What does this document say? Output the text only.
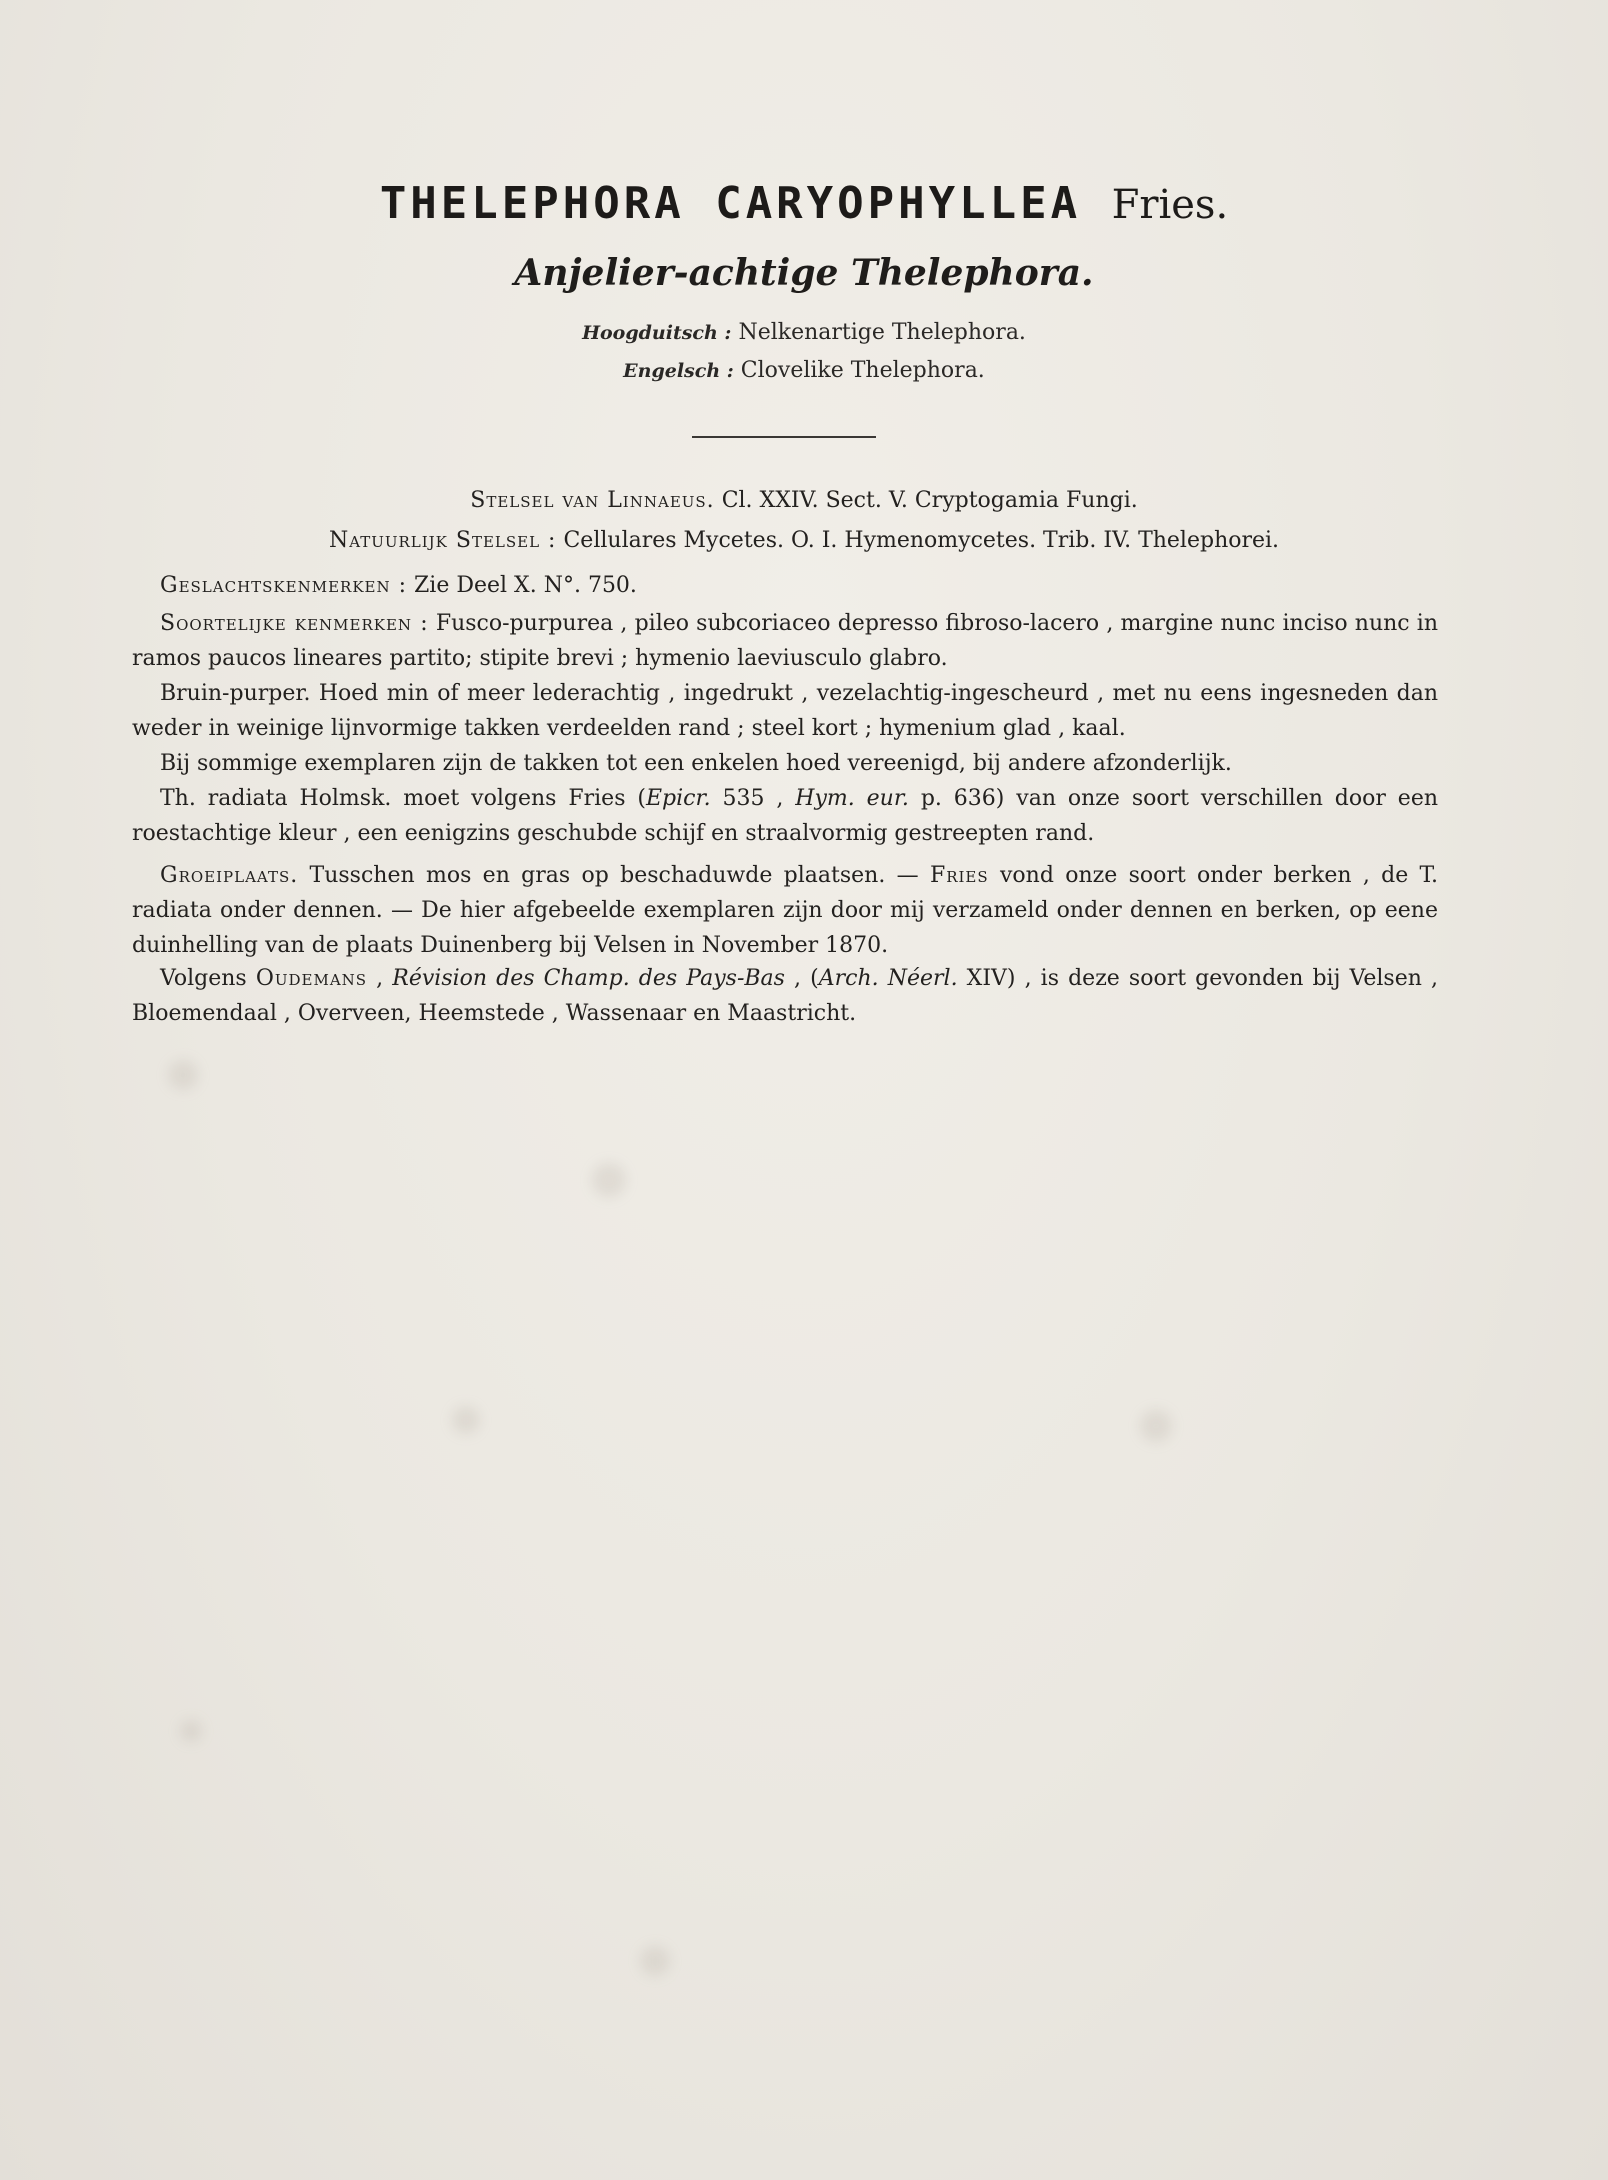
THELEPHORA CARYOPHYLLEA Fries.
Anjelier-achtige Thelephora.
Hoogduitsch : Nelkenartige Thelephora.
Engelsch : Clovelike Thelephora.
Stelsel van Linnaeus. Cl. XXIV. Sect. V. Cryptogamia Fungi.
Natuurlijk Stelsel : Cellulares Mycetes. O. I. Hymenomycetes. Trib. IV. Thelephorei.
Geslachtskenmerken : Zie Deel X. N°. 750.
Soortelijke kenmerken : Fusco-purpurea , pileo subcoriaceo depresso fibroso-lacero , margine nunc inciso nunc in ramos paucos lineares partito; stipite brevi ; hymenio laeviusculo glabro.
Bruin-purper. Hoed min of meer lederachtig , ingedrukt , vezelachtig-ingescheurd , met nu eens ingesneden dan weder in weinige lijnvormige takken verdeelden rand ; steel kort ; hymenium glad , kaal.
Bij sommige exemplaren zijn de takken tot een enkelen hoed vereenigd, bij andere afzonderlijk.
Th. radiata Holmsk. moet volgens Fries (Epicr. 535 , Hym. eur. p. 636) van onze soort verschillen door een roestachtige kleur , een eenigzins geschubde schijf en straalvormig gestreepten rand.
Groeiplaats. Tusschen mos en gras op beschaduwde plaatsen. — Fries vond onze soort onder berken , de T. radiata onder dennen. — De hier afgebeelde exemplaren zijn door mij verzameld onder dennen en berken, op eene duinhelling van de plaats Duinenberg bij Velsen in November 1870.
Volgens Oudemans , Révision des Champ. des Pays-Bas , (Arch. Néerl. XIV) , is deze soort gevonden bij Velsen , Bloemendaal , Overveen, Heemstede , Wassenaar en Maastricht.
